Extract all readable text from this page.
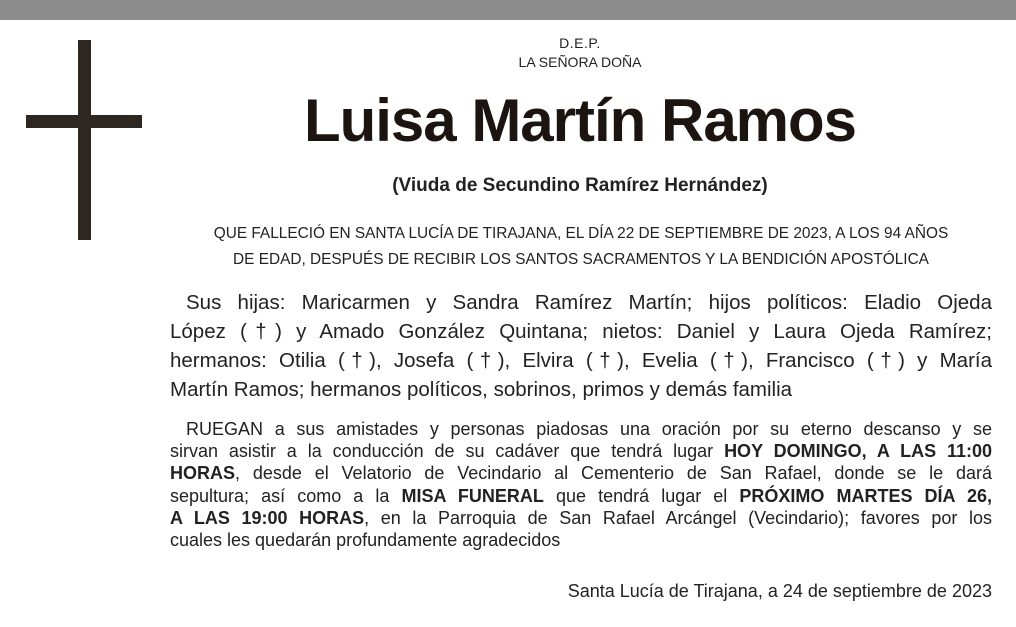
D.E.P.
LA SEÑORA DOÑA
Luisa Martín Ramos
(Viuda de Secundino Ramírez Hernández)
QUE FALLECIÓ EN SANTA LUCÍA DE TIRAJANA, EL DÍA 22 DE SEPTIEMBRE DE 2023, A LOS 94 AÑOS
DE EDAD, DESPUÉS DE RECIBIR LOS SANTOS SACRAMENTOS Y LA BENDICIÓN APOSTÓLICA
Sus hijas: Maricarmen y Sandra Ramírez Martín; hijos políticos: Eladio Ojeda
López (†) y Amado González Quintana; nietos: Daniel y Laura Ojeda Ramírez;
hermanos: Otilia (†), Josefa (†), Elvira (†), Evelia (†), Francisco (†) y María
Martín Ramos; hermanos políticos, sobrinos, primos y demás familia
RUEGAN a sus amistades y personas piadosas una oración por su eterno descanso y se
sirvan asistir a la conducción de su cadáver que tendrá lugar HOY DOMINGO, A LAS 11:00
HORAS, desde el Velatorio de Vecindario al Cementerio de San Rafael, donde se le dará
sepultura; así como a la MISA FUNERAL que tendrá lugar el PRÓXIMO MARTES DÍA 26,
A LAS 19:00 HORAS, en la Parroquia de San Rafael Arcángel (Vecindario); favores por los
cuales les quedarán profundamente agradecidos
Santa Lucía de Tirajana, a 24 de septiembre de 2023
